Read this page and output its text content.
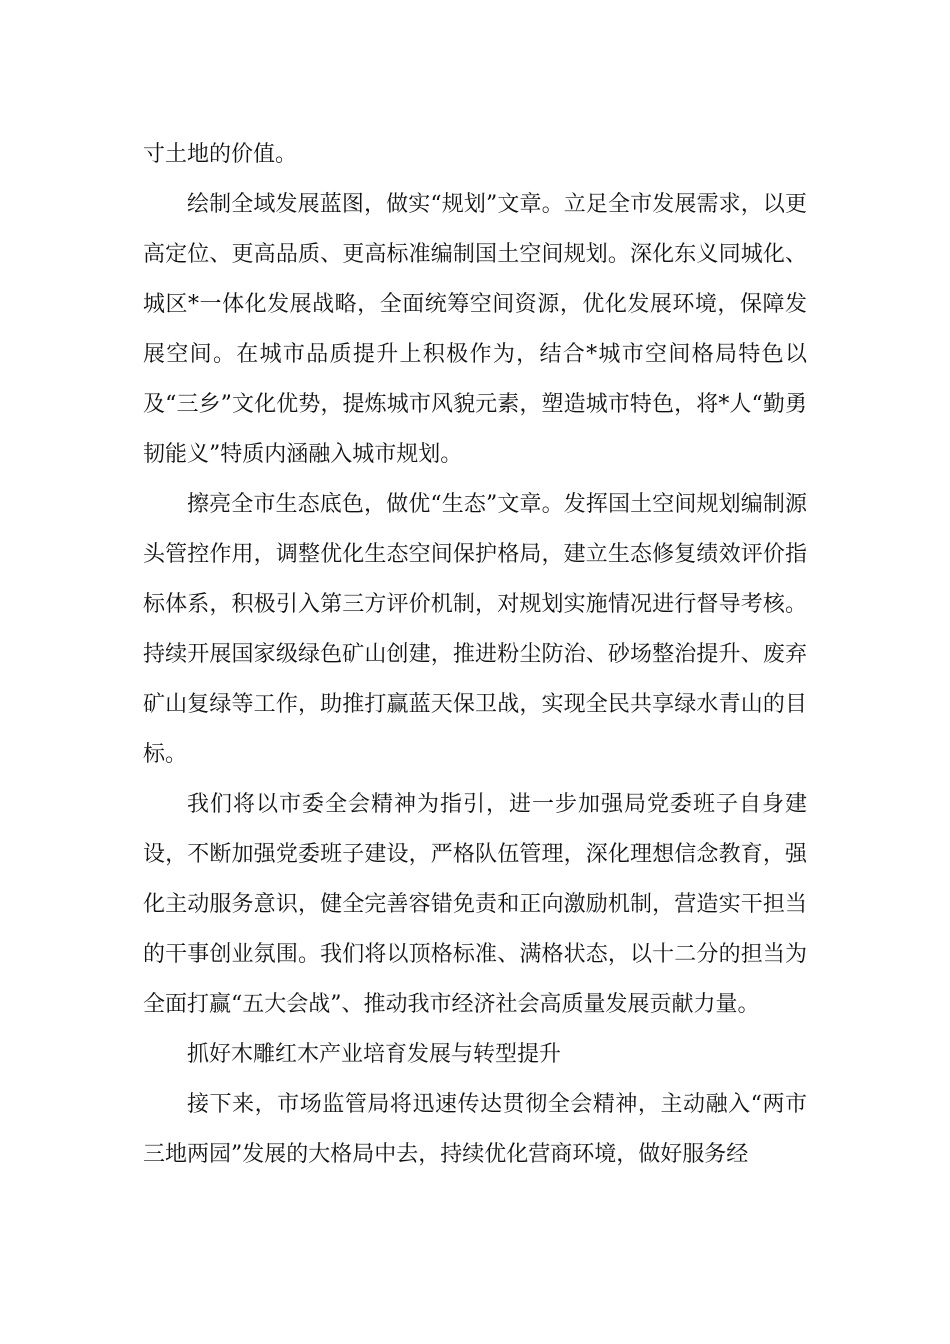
寸土地的价值。

绘制全域发展蓝图，做实“规划”文章。立足全市发展需求，以更高定位、更高品质、更高标准编制国土空间规划。深化东义同城化、城区*一体化发展战略，全面统筹空间资源，优化发展环境，保障发展空间。在城市品质提升上积极作为，结合*城市空间格局特色以及“三乡”文化优势，提炼城市风貌元素，塑造城市特色，将*人“勤勇韧能义”特质内涵融入城市规划。

擦亮全市生态底色，做优“生态”文章。发挥国土空间规划编制源头管控作用，调整优化生态空间保护格局，建立生态修复绩效评价指标体系，积极引入第三方评价机制，对规划实施情况进行督导考核。持续开展国家级绿色矿山创建，推进粉尘防治、砂场整治提升、废弃矿山复绿等工作，助推打赢蓝天保卫战，实现全民共享绿水青山的目标。

我们将以市委全会精神为指引，进一步加强局党委班子自身建设，不断加强党委班子建设，严格队伍管理，深化理想信念教育，强化主动服务意识，健全完善容错免责和正向激励机制，营造实干担当的干事创业氛围。我们将以顶格标准、满格状态，以十二分的担当为全面打赢“五大会战”、推动我市经济社会高质量发展贡献力量。

抓好木雕红木产业培育发展与转型提升

接下来，市场监管局将迅速传达贯彻全会精神，主动融入“两市三地两园”发展的大格局中去，持续优化营商环境，做好服务经
